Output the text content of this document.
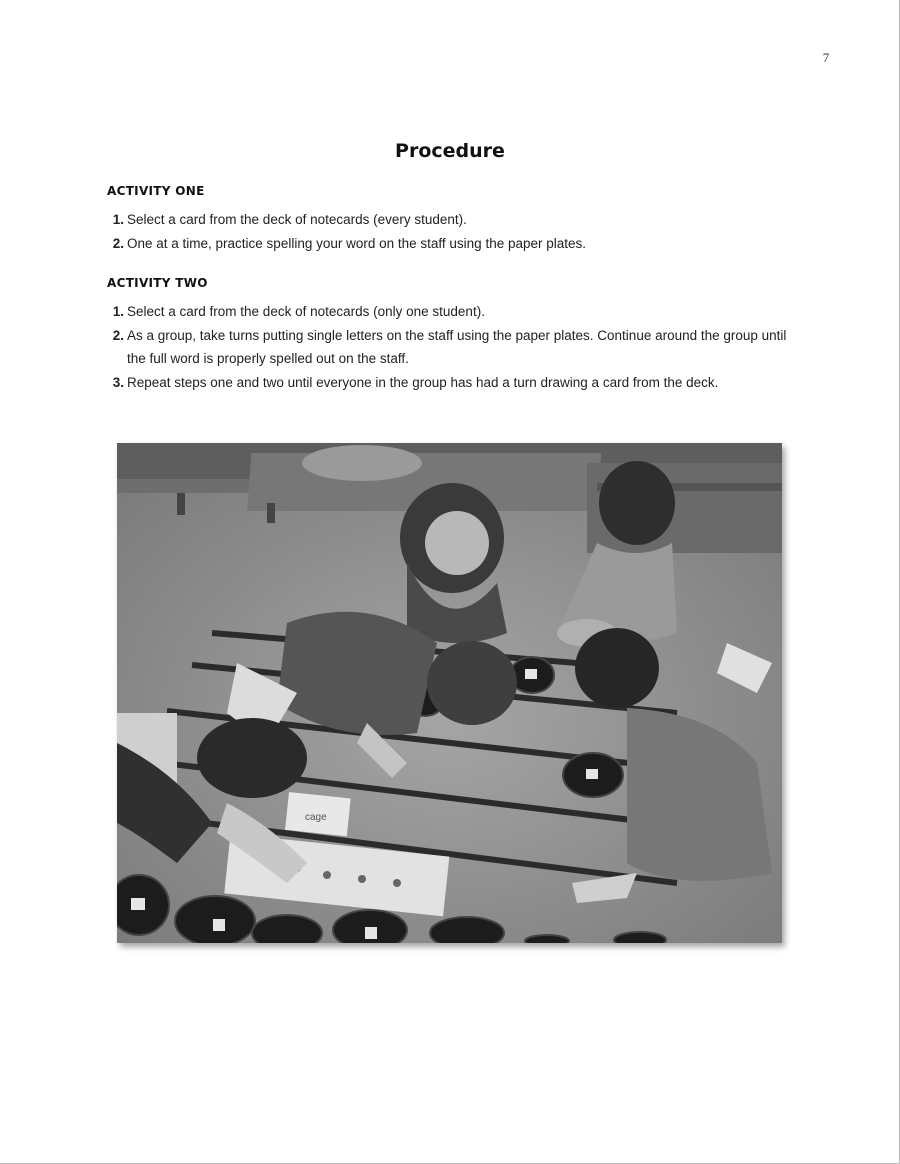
7
Procedure
ACTIVITY ONE
1. Select a card from the deck of notecards (every student).
2. One at a time, practice spelling your word on the staff using the paper plates.
ACTIVITY TWO
1. Select a card from the deck of notecards (only one student).
2. As a group, take turns putting single letters on the staff using the paper plates. Continue around the group until the full word is properly spelled out on the staff.
3. Repeat steps one and two until everyone in the group has had a turn drawing a card from the deck.
cage
